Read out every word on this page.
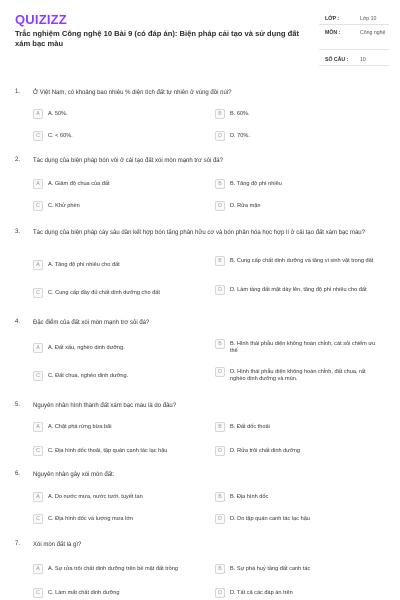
QUIZIZZ
Trắc nghiệm Công nghệ 10 Bài 9 (có đáp án): Biện pháp cải tạo và sử dụng đất xám bạc màu
LỚP :	Lớp 10
MÔN :	Công nghệ
SỐ CÂU : 10
1. Ở Việt Nam, có khoảng bao nhiêu % diện tích đất tự nhiên ở vùng đồi núi?
A	A. 50%.	B	B. 60%.
C	C. < 60%.	D	D. 70%.
2. Tác dụng của biện pháp bón vôi ở cải tạo đất xói mòn mạnh trơ sỏi đá?
A	A. Giảm độ chua của đất	B	B. Tăng độ phì nhiêu
C	C. Khử phèn	D	D. Rửa mặn
3. Tác dụng của biện pháp cày sâu dần kết hợp bón tăng phân hữu cơ và bón phân hóa học hợp lí ở cải tạo đất xám bạc màu?
A	A. Tăng độ phì nhiêu cho đất
B	B. Cung cấp chất dinh dưỡng và tăng vi sinh vật trong đất
C	C. Cung cấp đầy đủ chất dinh dưỡng cho đất	D	D. Làm tầng đất mặt dày lên, tăng độ phì nhiêu cho đất
4. Đặc điểm của đất xói mòn mạnh trơ sỏi đá?
A	A. Đất xấu, nghèo dinh dưỡng.
B	B. Hình thái phẫu diện không hoàn chỉnh, cát sỏi chiếm ưu thế
C	C. Đất chua, nghèo dinh dưỡng.
D	D. Hình thái phẫu diện không hoàn chỉnh, đất chua, rất nghèo dinh dưỡng và mùn.
5. Nguyên nhân hình thành đất xám bạc màu là do đâu?
A	A. Chặt phá rừng bừa bãi	B	B. Đất dốc thoải
C	C. Địa hình dốc thoải, tập quán canh tác lạc hậu	D	D. Rửa trôi chất dinh dưỡng
6. Nguyên nhân gây xói mòn đất:
A	A. Do nước mưa, nước tưới, tuyết tan	B	B. Địa hình dốc
C	C. Địa hình dốc và lượng mưa lớn	D	D. Do tập quán canh tác lạc hậu
7. Xói mòn đất là gì?
A	A. Sự rửa trôi chất dinh dưỡng trên bề mặt đất trồng	B	B. Sự phá huỷ tầng đất canh tác
C	C. Làm mất chất dinh dưỡng	D	D. Tất cả các đáp án trên
